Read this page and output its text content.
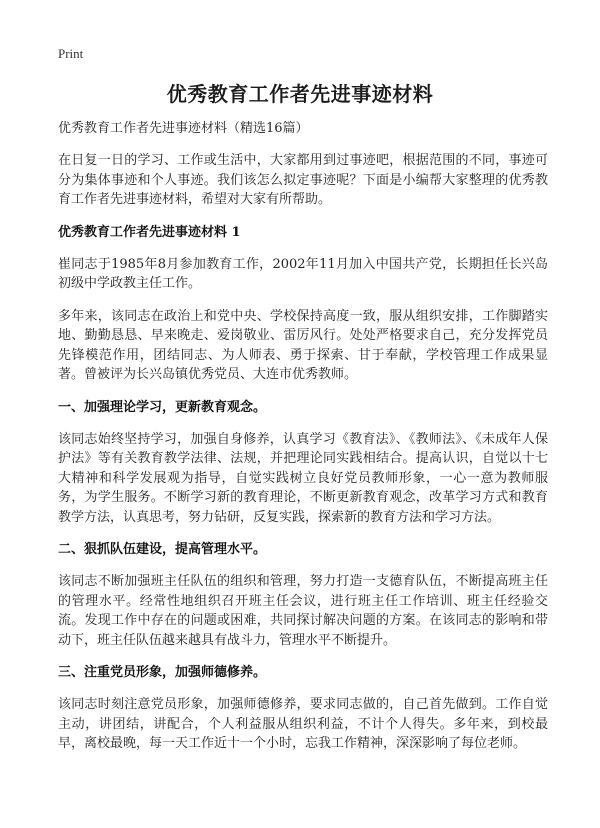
Print
优秀教育工作者先进事迹材料

优秀教育工作者先进事迹材料（精选16篇）

在日复一日的学习、工作或生活中，大家都用到过事迹吧，根据范围的不同，事迹可分为集体事迹和个人事迹。我们该怎么拟定事迹呢？下面是小编帮大家整理的优秀教育工作者先进事迹材料，希望对大家有所帮助。

优秀教育工作者先进事迹材料 1

崔同志于1985年8月参加教育工作，2002年11月加入中国共产党，长期担任长兴岛初级中学政教主任工作。

多年来，该同志在政治上和党中央、学校保持高度一致，服从组织安排，工作脚踏实地、勤勤恳恳、早来晚走、爱岗敬业、雷厉风行。处处严格要求自己，充分发挥党员先锋模范作用，团结同志、为人师表、勇于探索、甘于奉献，学校管理工作成果显著。曾被评为长兴岛镇优秀党员、大连市优秀教师。

一、加强理论学习，更新教育观念。

该同志始终坚持学习，加强自身修养，认真学习《教育法》、《教师法》、《未成年人保护法》等有关教育教学法律、法规，并把理论同实践相结合。提高认识，自觉以十七大精神和科学发展观为指导，自觉实践树立良好党员教师形象，一心一意为教师服务，为学生服务。不断学习新的教育理论，不断更新教育观念，改革学习方式和教育教学方法，认真思考，努力钻研，反复实践，探索新的教育方法和学习方法。

二、狠抓队伍建设，提高管理水平。

该同志不断加强班主任队伍的组织和管理，努力打造一支德育队伍，不断提高班主任的管理水平。经常性地组织召开班主任会议，进行班主任工作培训、班主任经验交流。发现工作中存在的问题或困难，共同探讨解决问题的方案。在该同志的影响和带动下，班主任队伍越来越具有战斗力，管理水平不断提升。

三、注重党员形象，加强师德修养。

该同志时刻注意党员形象，加强师德修养，要求同志做的，自己首先做到。工作自觉主动，讲团结，讲配合，个人利益服从组织利益，不计个人得失。多年来，到校最早，离校最晚，每一天工作近十一个小时，忘我工作精神，深深影响了每位老师。
